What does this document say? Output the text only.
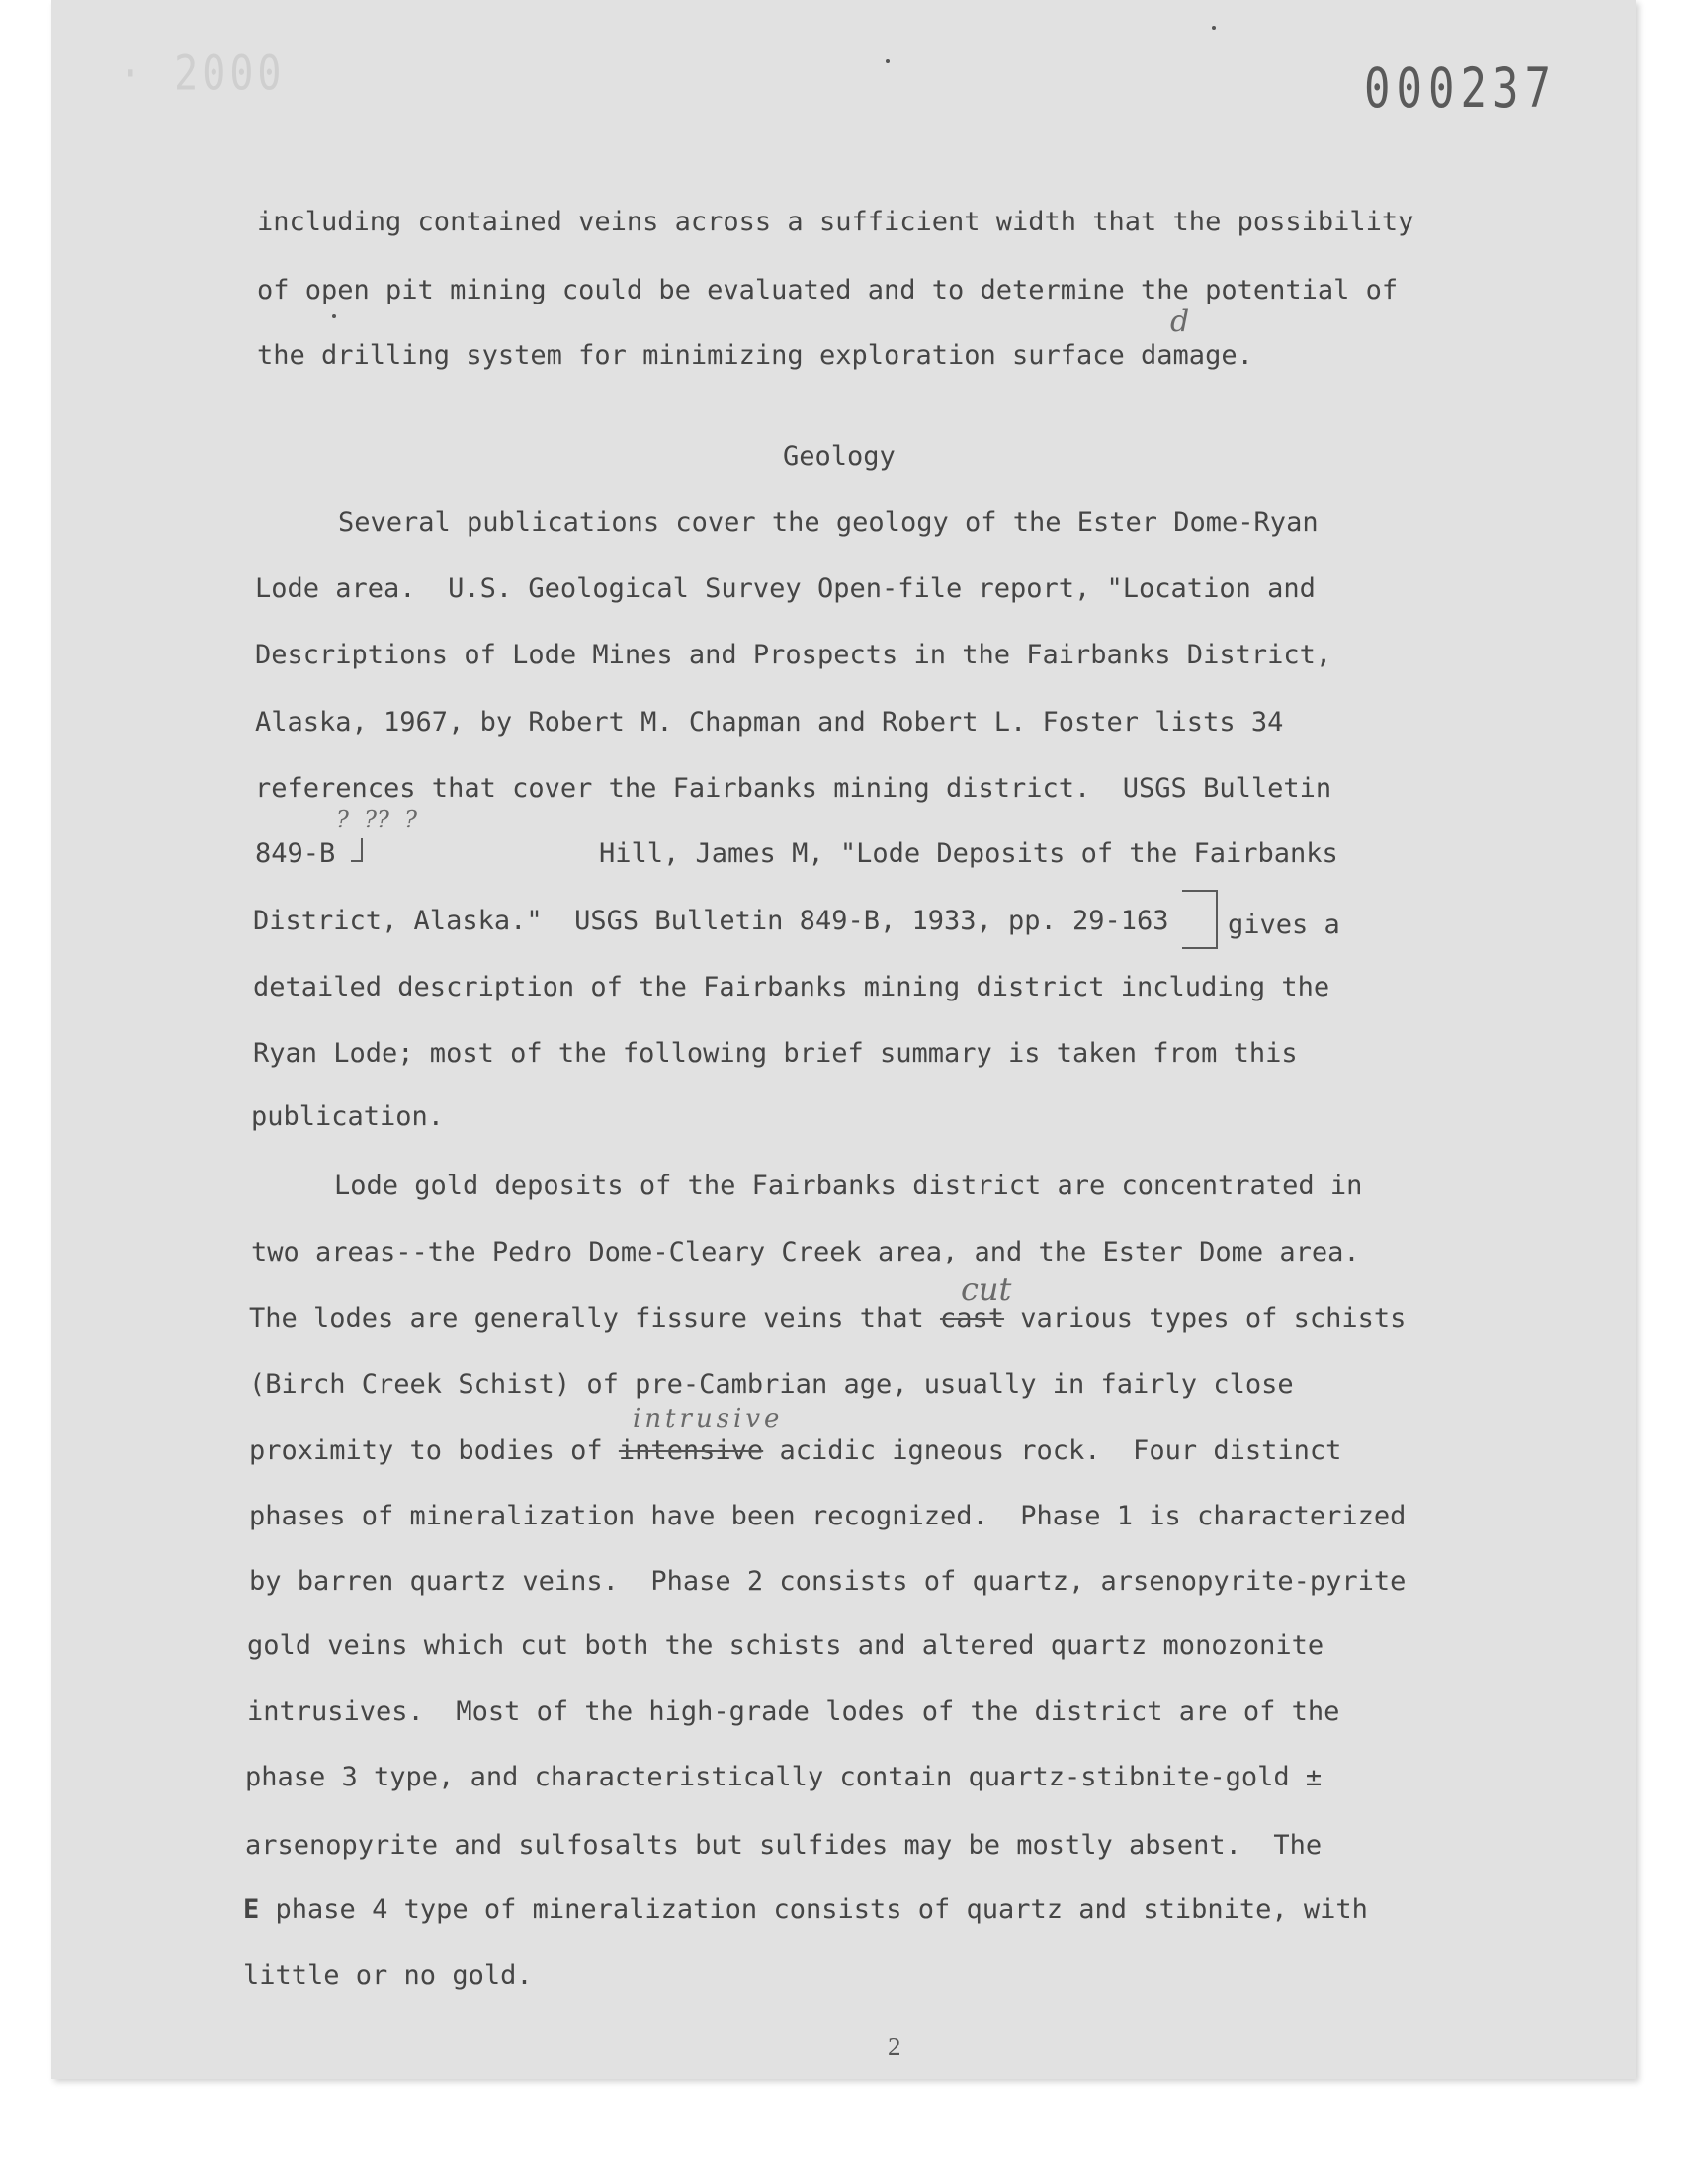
· 2000	000237
including contained veins across a sufficient width that the possibility
of open pit mining could be evaluated and to determine the potential of
the drilling system for minimizing exploration surface damage.
d
Geology
Several publications cover the geology of the Ester Dome-Ryan
Lode area.  U.S. Geological Survey Open-file report, "Location and
Descriptions of Lode Mines and Prospects in the Fairbanks District,
Alaska, 1967, by Robert M. Chapman and Robert L. Foster lists 34
references that cover the Fairbanks mining district.  USGS Bulletin
849-B	Hill, James M, "Lode Deposits of the Fairbanks
?  ??  ?
District, Alaska."  USGS Bulletin 849-B, 1933, pp. 29-163 gives a
detailed description of the Fairbanks mining district including the
Ryan Lode; most of the following brief summary is taken from this
publication.
Lode gold deposits of the Fairbanks district are concentrated in
two areas--the Pedro Dome-Cleary Creek area, and the Ester Dome area.
cut
The lodes are generally fissure veins that cast various types of schists
(Birch Creek Schist) of pre-Cambrian age, usually in fairly close
intrusive
proximity to bodies of intensive acidic igneous rock.  Four distinct
phases of mineralization have been recognized.  Phase 1 is characterized
by barren quartz veins.  Phase 2 consists of quartz, arsenopyrite-pyrite
gold veins which cut both the schists and altered quartz monozonite
intrusives.  Most of the high-grade lodes of the district are of the
phase 3 type, and characteristically contain quartz-stibnite-gold ±
arsenopyrite and sulfosalts but sulfides may be mostly absent.  The
E phase 4 type of mineralization consists of quartz and stibnite, with
little or no gold.
2
